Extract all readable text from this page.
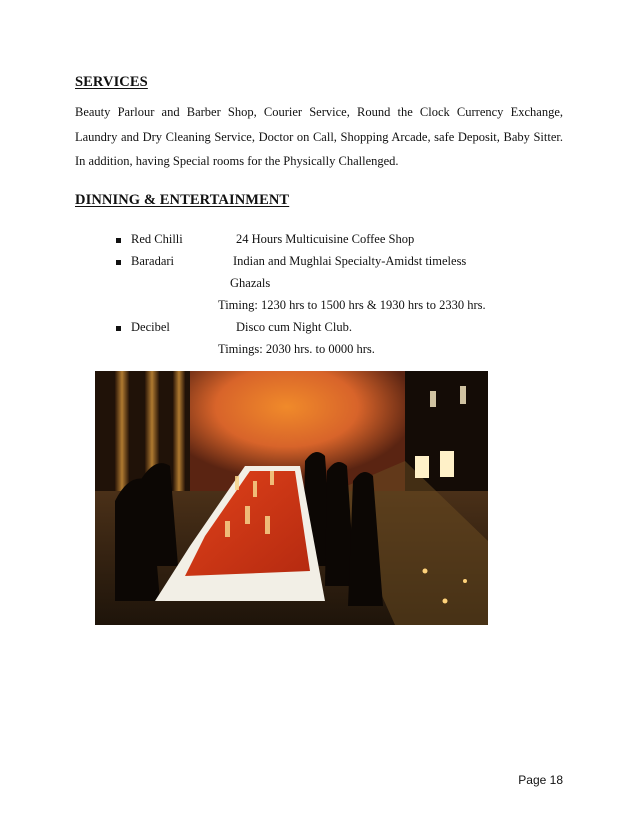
SERVICES

Beauty Parlour and Barber Shop, Courier Service, Round the Clock Currency Exchange,

Laundry and Dry Cleaning Service, Doctor on Call, Shopping Arcade, safe Deposit, Baby Sitter.

In addition, having Special rooms for the Physically Challenged.

DINNING & ENTERTAINMENT
Red Chilli	24 Hours Multicuisine Coffee Shop
Baradari	Indian and Mughlai Specialty-Amidst timeless
Ghazals
Timing: 1230 hrs to 1500 hrs & 1930 hrs to 2330 hrs.
Decibel	Disco cum Night Club.
Timings: 2030 hrs. to 0000 hrs.
Page 18
